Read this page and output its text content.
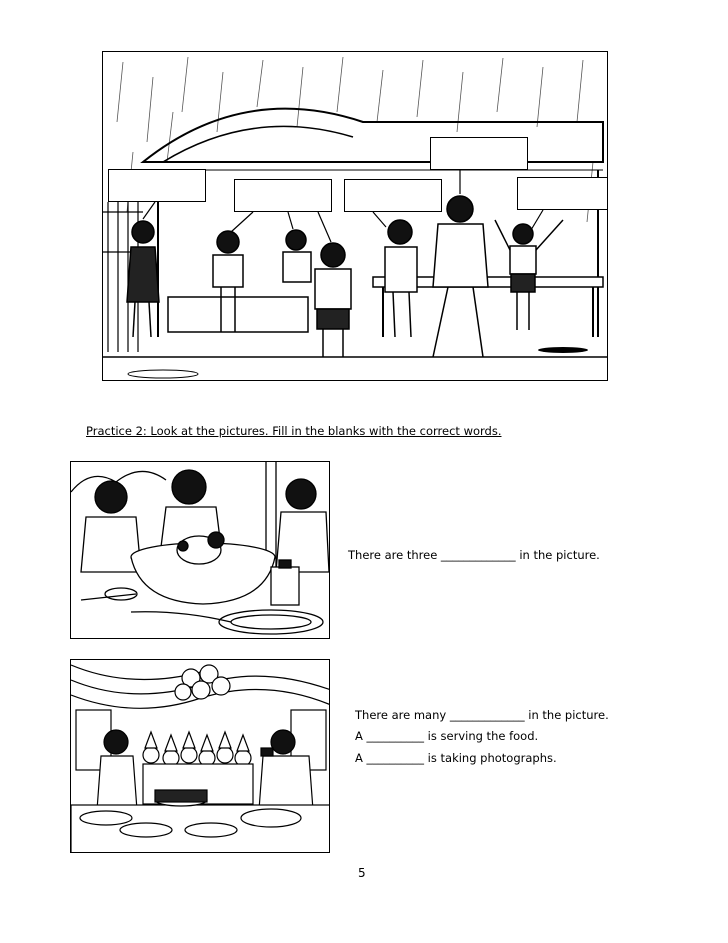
Practice 2: Look at the pictures. Fill in the blanks with the correct words.
There are three _____________ in the picture.
There are many _____________ in the picture.
A __________ is serving the food.
A __________ is taking photographs.
5
